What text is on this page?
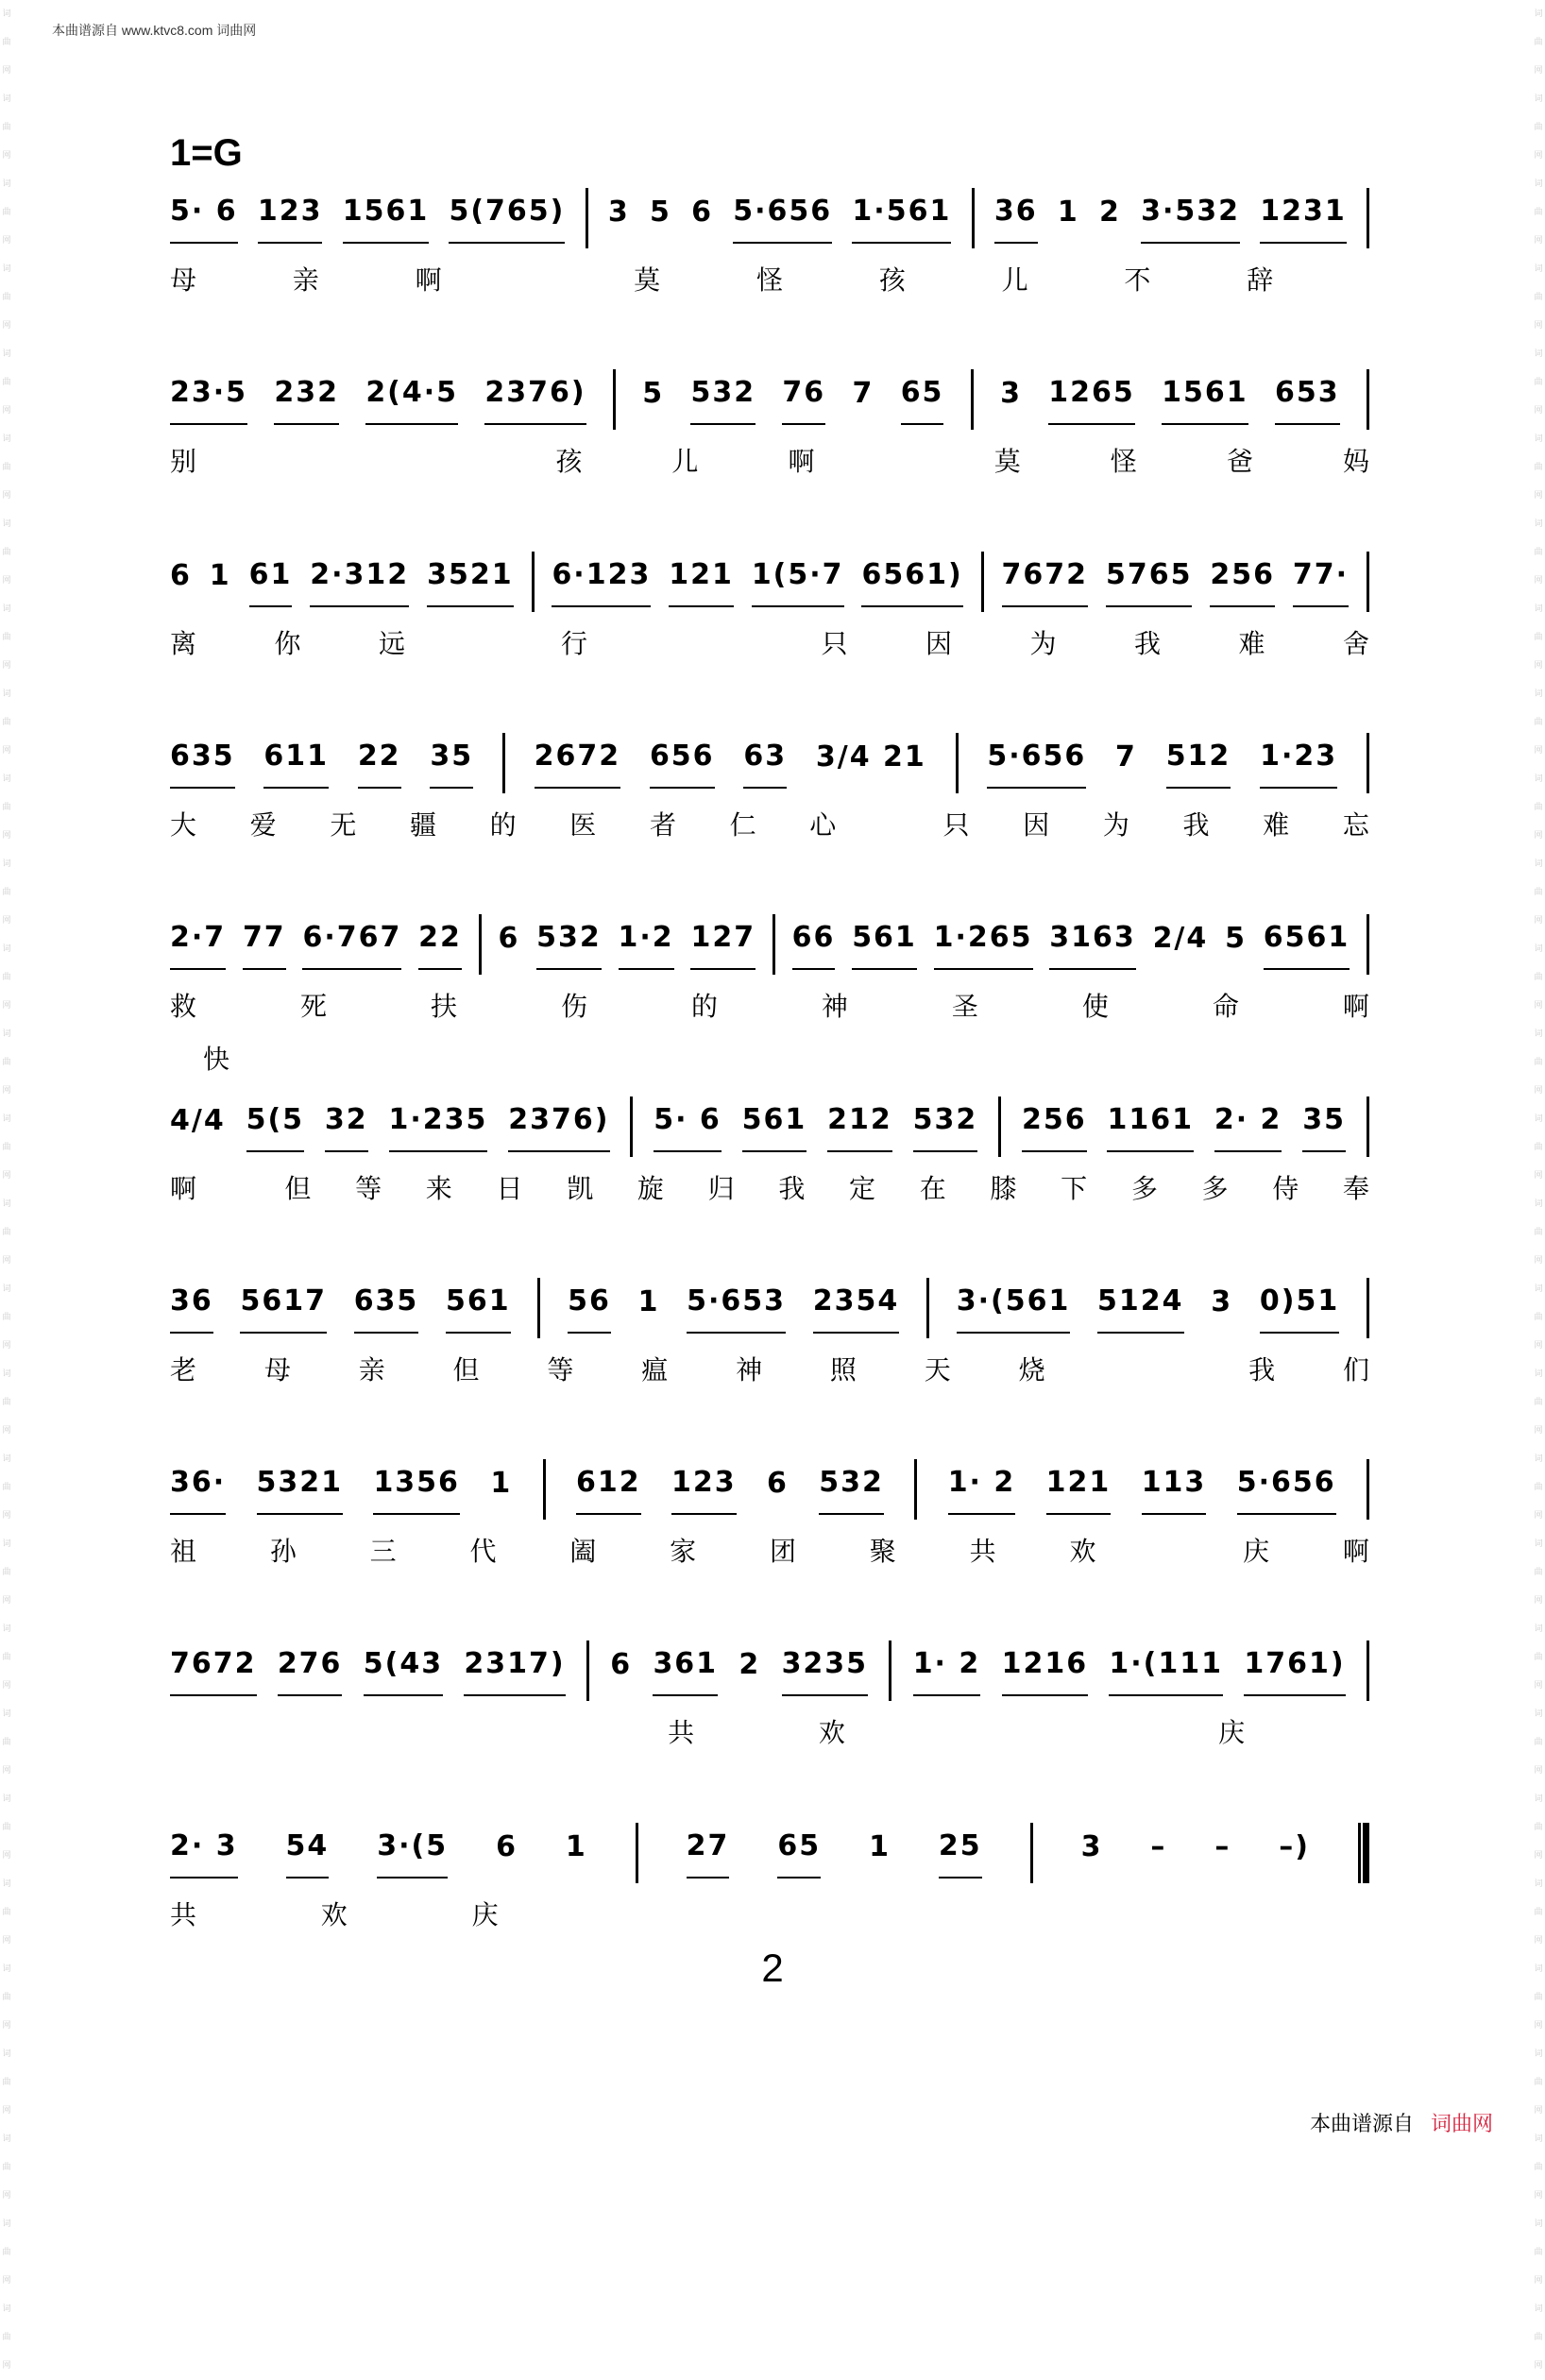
本曲谱源自 www.ktvc8.com 词曲网
词曲网词曲网词曲网词曲网词曲网词曲网词曲网词曲网词曲网词曲网词曲网词曲网词曲网词曲网词曲网词曲网词曲网词曲网词曲网词曲网词曲网词曲网词曲网词曲网词曲网词曲网词曲网词曲网
词曲网词曲网词曲网词曲网词曲网词曲网词曲网词曲网词曲网词曲网词曲网词曲网词曲网词曲网词曲网词曲网词曲网词曲网词曲网词曲网词曲网词曲网词曲网词曲网词曲网词曲网词曲网词曲网
1=G
快
5· 6 123 1561 5(765) 3 5 6 5·656 1·561 36 1 2 3·532 1231
母	亲	啊	莫	怪	孩	儿	不	辞
23·5 232 2(4·5 2376) 5 532 76 7 65 3 1265 1561 653
别	孩	儿	啊	莫	怪	爸	妈
6 1 61 2·312 3521 6·123 121 1(5·7 6561) 7672 5765 256 77·
离	你	远	行	只	因	为	我	难	舍
635 611 22 35 2672 656 63 3/4 21 5·656 7 512 1·23
大 爱 无 疆 的 医 者 仁 心	只 因 为 我 难 忘
2·7 77 6·767 22 6 532 1·2 127 66 561 1·265 3163 2/4 5 6561
救	死	扶	伤	的	神	圣	使	命	啊
4/4 5(5 32 1·235 2376) 5· 6 561 212 532 256 1161 2· 2 35
啊	但 等 来 日 凯 旋 归 我 定 在 膝 下 多 多 侍 奉
36 5617 635 561 56 1 5·653 2354 3·(561 5124 3 0)51
老	母	亲	但	等	瘟	神	照	天	烧	我	们
36· 5321 1356 1 612 123 6 532 1· 2 121 113 5·656
祖	孙	三	代	阖	家	团	聚	共	欢	庆	啊
7672 276 5(43 2317) 6 361 2 3235 1· 2 1216 1·(111 1761)
共	欢	庆
2· 3 54 3·(5 6 1	27 65 1 25	3 – – –)
共	欢	庆
2
本曲谱源自 词曲网
